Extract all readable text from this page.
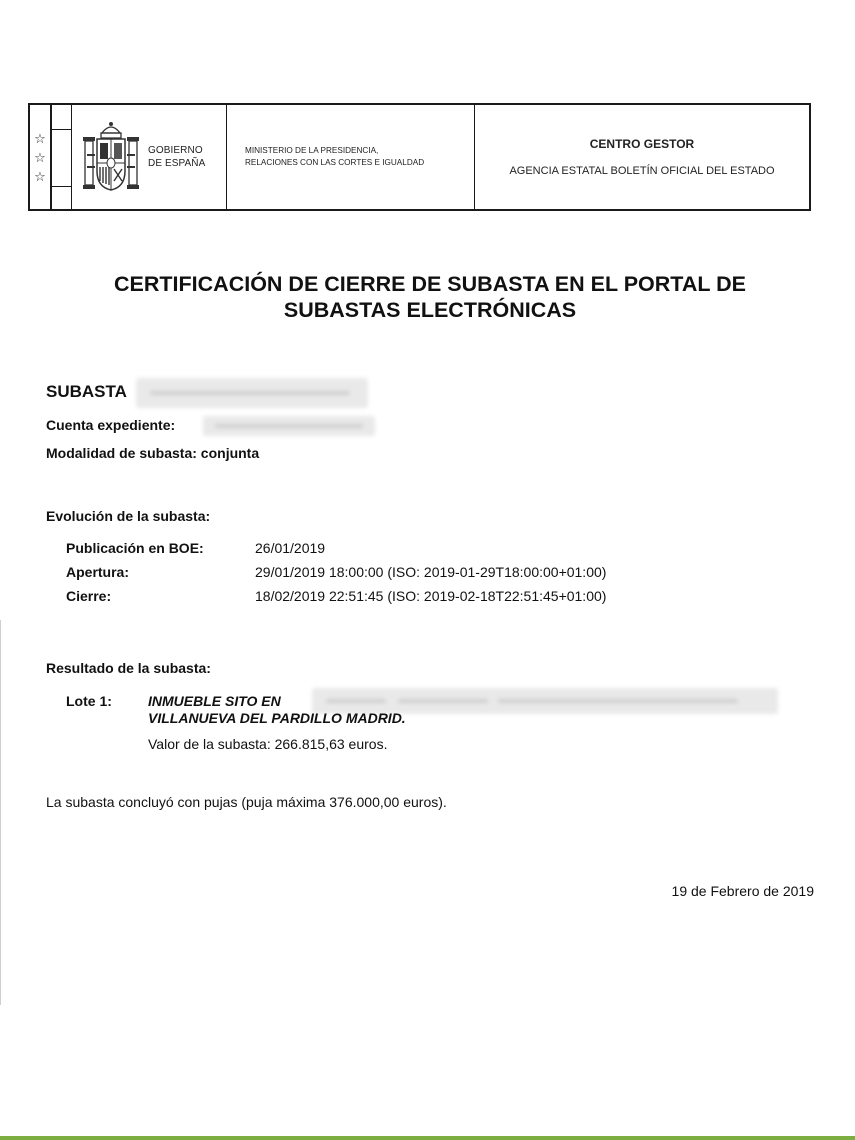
☆
☆
☆
GOBIERNO
DE ESPAÑA
MINISTERIO DE LA PRESIDENCIA,
RELACIONES CON LAS CORTES E IGUALDAD
CENTRO GESTOR
AGENCIA ESTATAL BOLETÍN OFICIAL DEL ESTADO
CERTIFICACIÓN DE CIERRE DE SUBASTA EN EL PORTAL DE
SUBASTAS ELECTRÓNICAS
SUBASTA
Cuenta expediente:
Modalidad de subasta: conjunta
Evolución de la subasta:
Publicación en BOE:	26/01/2019
Apertura:	29/01/2019 18:00:00 (ISO: 2019-01-29T18:00:00+01:00)
Cierre:	18/02/2019 22:51:45 (ISO: 2019-02-18T22:51:45+01:00)
Resultado de la subasta:
Lote 1:	INMUEBLE SITO EN
VILLANUEVA DEL PARDILLO MADRID.
Valor de la subasta: 266.815,63 euros.
La subasta concluyó con pujas (puja máxima 376.000,00 euros).
19 de Febrero de 2019
